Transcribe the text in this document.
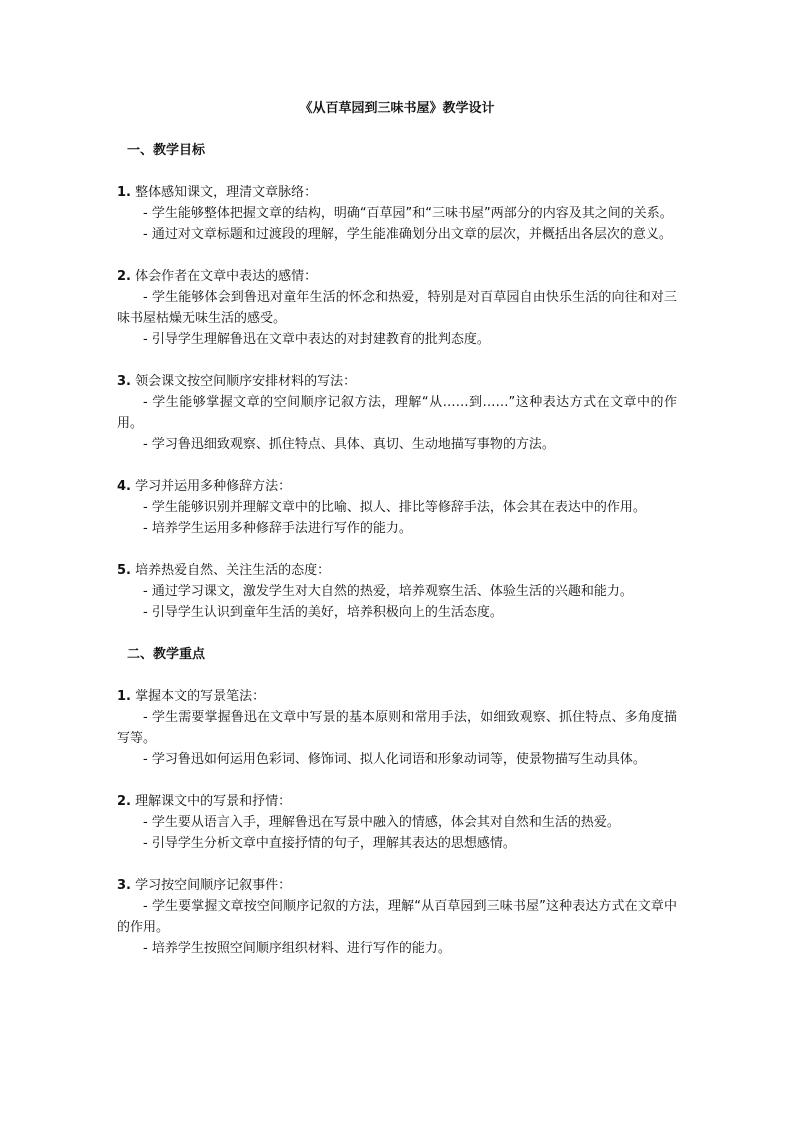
《从百草园到三味书屋》教学设计
一、教学目标

1. 整体感知课文，理清文章脉络：

- 学生能够整体把握文章的结构，明确“百草园”和“三味书屋”两部分的内容及其之间的关系。

- 通过对文章标题和过渡段的理解，学生能准确划分出文章的层次，并概括出各层次的意义。

2. 体会作者在文章中表达的感情：

- 学生能够体会到鲁迅对童年生活的怀念和热爱，特别是对百草园自由快乐生活的向往和对三味书屋枯燥无味生活的感受。

- 引导学生理解鲁迅在文章中表达的对封建教育的批判态度。

3. 领会课文按空间顺序安排材料的写法：

- 学生能够掌握文章的空间顺序记叙方法，理解“从……到……”这种表达方式在文章中的作用。

- 学习鲁迅细致观察、抓住特点、具体、真切、生动地描写事物的方法。

4. 学习并运用多种修辞方法：

- 学生能够识别并理解文章中的比喻、拟人、排比等修辞手法，体会其在表达中的作用。

- 培养学生运用多种修辞手法进行写作的能力。

5. 培养热爱自然、关注生活的态度：

- 通过学习课文，激发学生对大自然的热爱，培养观察生活、体验生活的兴趣和能力。

- 引导学生认识到童年生活的美好，培养积极向上的生活态度。

二、教学重点

1. 掌握本文的写景笔法：

- 学生需要掌握鲁迅在文章中写景的基本原则和常用手法，如细致观察、抓住特点、多角度描写等。

- 学习鲁迅如何运用色彩词、修饰词、拟人化词语和形象动词等，使景物描写生动具体。

2. 理解课文中的写景和抒情：

- 学生要从语言入手，理解鲁迅在写景中融入的情感，体会其对自然和生活的热爱。

- 引导学生分析文章中直接抒情的句子，理解其表达的思想感情。

3. 学习按空间顺序记叙事件：

- 学生要掌握文章按空间顺序记叙的方法，理解“从百草园到三味书屋”这种表达方式在文章中的作用。

- 培养学生按照空间顺序组织材料、进行写作的能力。
